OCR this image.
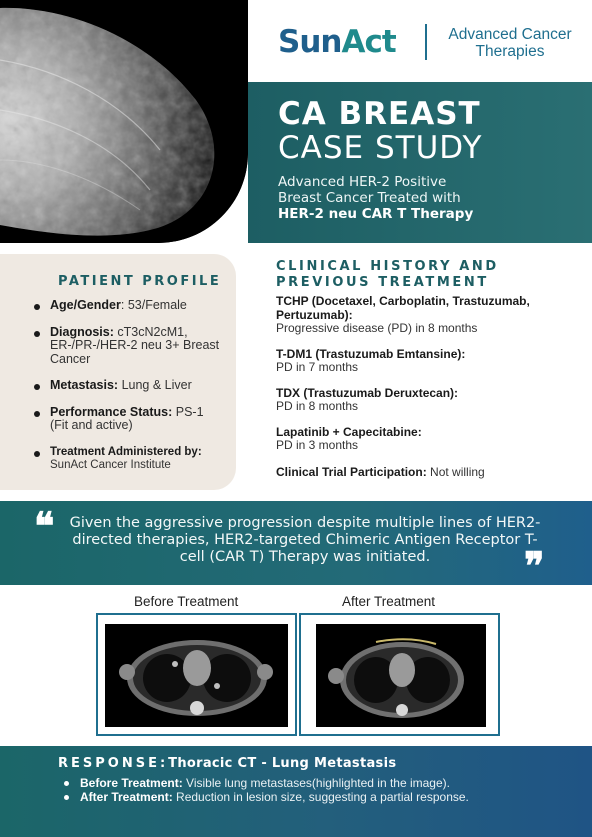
SunAct	Advanced Cancer
Therapies
CA BREAST
CASE STUDY
Advanced HER-2 Positive
Breast Cancer Treated with
HER-2 neu CAR T Therapy
PATIENT PROFILE
Age/Gender: 53/Female
Diagnosis: cT3cN2cM1, ER-/PR-/HER-2 neu 3+ Breast Cancer
Metastasis: Lung & Liver
Performance Status: PS-1 (Fit and active)
Treatment Administered by: SunAct Cancer Institute
CLINICAL HISTORY AND
PREVIOUS TREATMENT
TCHP (Docetaxel, Carboplatin, Trastuzumab, Pertuzumab):
Progressive disease (PD) in 8 months
T-DM1 (Trastuzumab Emtansine):
PD in 7 months
TDX (Trastuzumab Deruxtecan):
PD in 8 months
Lapatinib + Capecitabine:
PD in 3 months
Clinical Trial Participation: Not willing
❝	Given the aggressive progression despite multiple lines of HER2-directed therapies, HER2-targeted Chimeric Antigen Receptor T-cell (CAR T) Therapy was initiated.	❞
Before Treatment	After Treatment
RESPONSE:Thoracic CT - Lung Metastasis
Before Treatment: Visible lung metastases(highlighted in the image).
After Treatment: Reduction in lesion size, suggesting a partial response.
